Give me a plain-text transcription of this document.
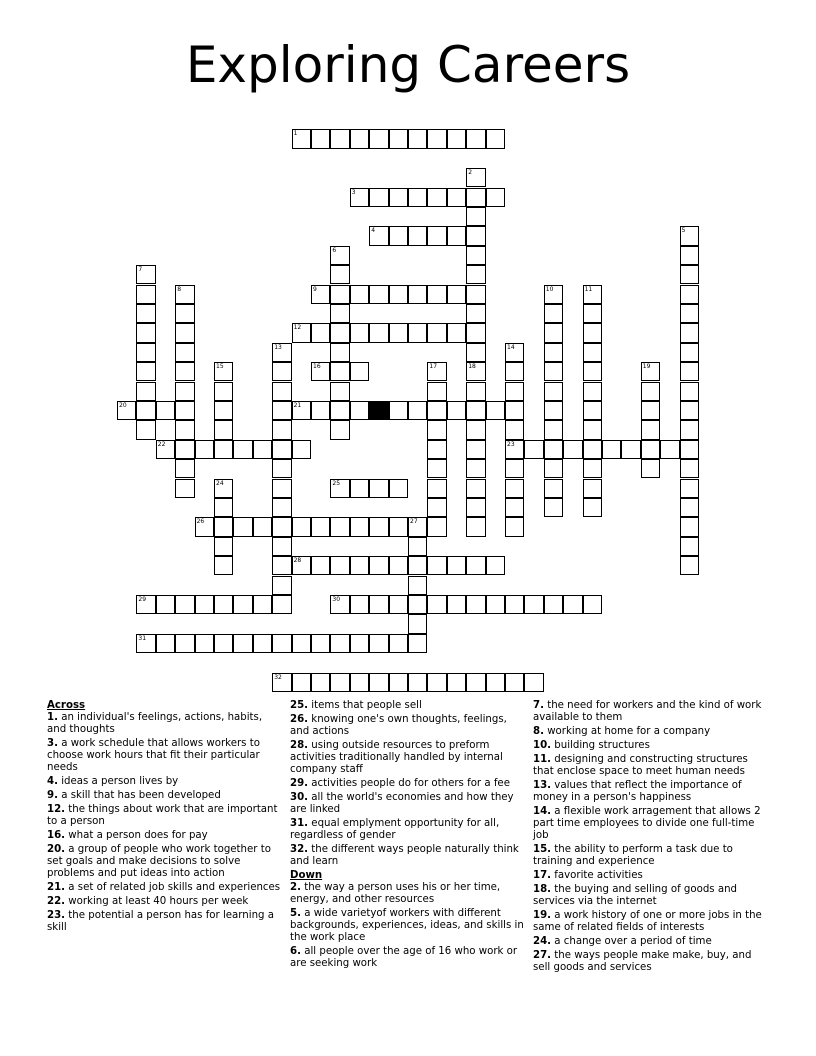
Exploring Careers
1
3
4
9
12
16
20	21
22	23
25
26
28
29	30
31
32
2
5
6
7
8	10	11
13	14
15	17	18	19
24
27
Across
1. an individual's feelings, actions, habits, and thoughts
3. a work schedule that allows workers to choose work hours that fit their particular needs
4. ideas a person lives by
9. a skill that has been developed
12. the things about work that are important to a person
16. what a person does for pay
20. a group of people who work together to set goals and make decisions to solve problems and put ideas into action
21. a set of related job skills and experiences
22. working at least 40 hours per week
23. the potential a person has for learning a skill
25. items that people sell
26. knowing one's own thoughts, feelings, and actions
28. using outside resources to preform activities traditionally handled by internal company staff
29. activities people do for others for a fee
30. all the world's economies and how they are linked
31. equal emplyment opportunity for all, regardless of gender
32. the different ways people naturally think and learn
Down
2. the way a person uses his or her time, energy, and other resources
5. a wide varietyof workers with different backgrounds, experiences, ideas, and skills in the work place
6. all people over the age of 16 who work or are seeking work
7. the need for workers and the kind of work available to them
8. working at home for a company
10. building structures
11. designing and constructing structures that enclose space to meet human needs
13. values that reflect the importance of money in a person's happiness
14. a flexible work arragement that allows 2 part time employees to divide one full-time job
15. the ability to perform a task due to training and experience
17. favorite activities
18. the buying and selling of goods and services via the internet
19. a work history of one or more jobs in the same of related fields of interests
24. a change over a period of time
27. the ways people make make, buy, and sell goods and services
